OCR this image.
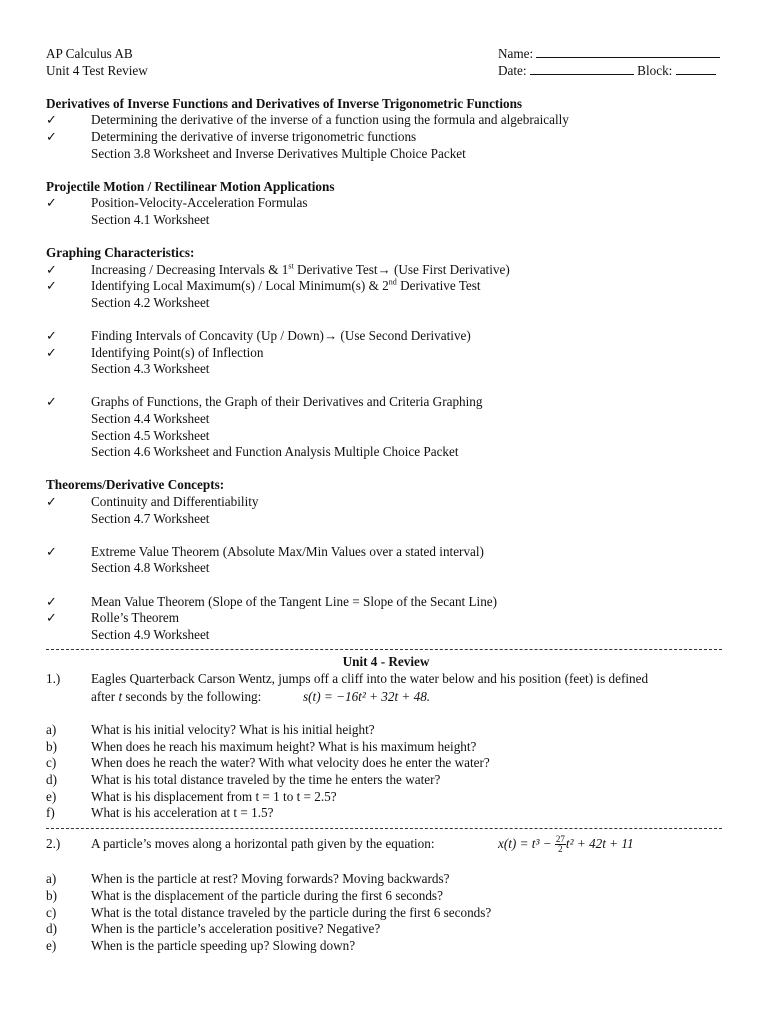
AP Calculus AB	Name:
Unit 4 Test Review	Date:	Block:
Derivatives of Inverse Functions and Derivatives of Inverse Trigonometric Functions
✓	Determining the derivative of the inverse of a function using the formula and algebraically
✓	Determining the derivative of inverse trigonometric functions
Section 3.8 Worksheet and Inverse Derivatives Multiple Choice Packet
Projectile Motion / Rectilinear Motion Applications
✓	Position-Velocity-Acceleration Formulas
Section 4.1 Worksheet
Graphing Characteristics:
✓	Increasing / Decreasing Intervals & 1st Derivative Test→ (Use First Derivative)
✓	Identifying Local Maximum(s) / Local Minimum(s) & 2nd Derivative Test
Section 4.2 Worksheet
✓	Finding Intervals of Concavity (Up / Down)→ (Use Second Derivative)
✓	Identifying Point(s) of Inflection
Section 4.3 Worksheet
✓	Graphs of Functions, the Graph of their Derivatives and Criteria Graphing
Section 4.4 Worksheet
Section 4.5 Worksheet
Section 4.6 Worksheet and Function Analysis Multiple Choice Packet
Theorems/Derivative Concepts:
✓	Continuity and Differentiability
Section 4.7 Worksheet
✓	Extreme Value Theorem (Absolute Max/Min Values over a stated interval)
Section 4.8 Worksheet
✓	Mean Value Theorem (Slope of the Tangent Line = Slope of the Secant Line)
✓	Rolle’s Theorem
Section 4.9 Worksheet
Unit 4 - Review
1.) Eagles Quarterback Carson Wentz, jumps off a cliff into the water below and his position (feet) is defined
after t seconds by the following:	s(t) = −16t² + 32t + 48.
a)	What is his initial velocity? What is his initial height?
b)	When does he reach his maximum height? What is his maximum height?
c)	When does he reach the water? With what velocity does he enter the water?
d)	What is his total distance traveled by the time he enters the water?
e)	What is his displacement from t = 1 to t = 2.5?
f)	What is his acceleration at t = 1.5?
2.) A particle’s moves along a horizontal path given by the equation:	$x(t) = t^3 - \frac{27}{2} t^2 + 42t + 11$
a)	When is the particle at rest? Moving forwards? Moving backwards?
b)	What is the displacement of the particle during the first 6 seconds?
c)	What is the total distance traveled by the particle during the first 6 seconds?
d)	When is the particle’s acceleration positive? Negative?
e)	When is the particle speeding up? Slowing down?
